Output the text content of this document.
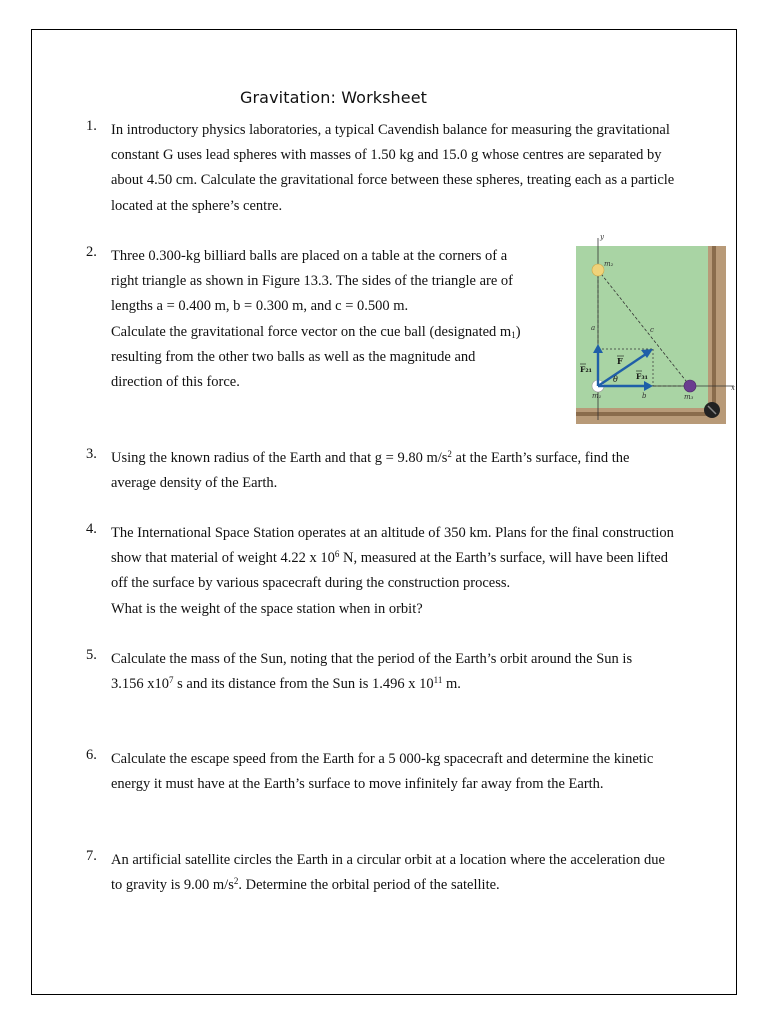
Gravitation: Worksheet
1. In introductory physics laboratories, a typical Cavendish balance for measuring the gravitational
constant G uses lead spheres with masses of 1.50 kg and 15.0 g whose centres are separated by
about 4.50 cm. Calculate the gravitational force between these spheres, treating each as a particle
located at the sphere’s centre.
2. Three 0.300-kg billiard balls are placed on a table at the corners of a
right triangle as shown in Figure 13.3. The sides of the triangle are of
lengths a = 0.400 m, b = 0.300 m, and c = 0.500 m.
Calculate the gravitational force vector on the cue ball (designated $m_1$)
resulting from the other two balls as well as the magnitude and
direction of this force.
y
x
m₂
m₁	m₃
a
b
c
θ
F
F₂₁
F₃₁
3. Using the known radius of the Earth and that g = 9.80 $m/s^2$ at the Earth’s surface, find the
average density of the Earth.
4. The International Space Station operates at an altitude of 350 km. Plans for the final construction
show that material of weight 4.22 x $10^6$ N, measured at the Earth’s surface, will have been lifted
off the surface by various spacecraft during the construction process.
What is the weight of the space station when in orbit?
5. Calculate the mass of the Sun, noting that the period of the Earth’s orbit around the Sun is
3.156 $x10^7$ s and its distance from the Sun is 1.496 x $10^{11}$ m.
6. Calculate the escape speed from the Earth for a 5 000-kg spacecraft and determine the kinetic
energy it must have at the Earth’s surface to move infinitely far away from the Earth.
7. An artificial satellite circles the Earth in a circular orbit at a location where the acceleration due
to gravity is 9.00 $m/s^2$. Determine the orbital period of the satellite.
